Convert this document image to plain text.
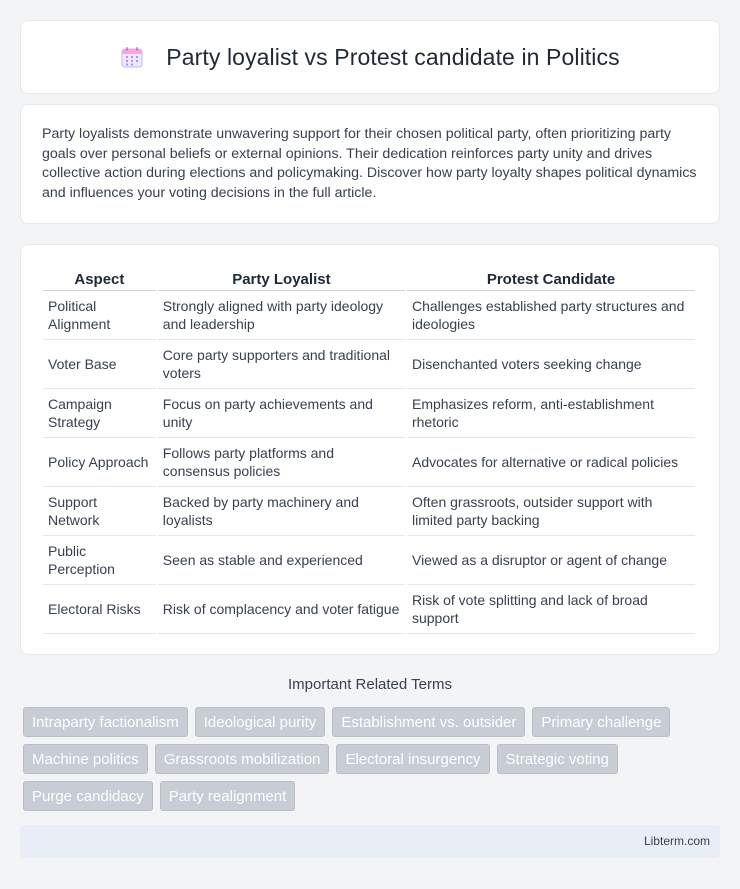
Party loyalist vs Protest candidate in Politics

Party loyalists demonstrate unwavering support for their chosen political party, often prioritizing party goals over personal beliefs or external opinions. Their dedication reinforces party unity and drives collective action during elections and policymaking. Discover how party loyalty shapes political dynamics and influences your voting decisions in the full article.

Aspect	Party Loyalist	Protest Candidate
Political Alignment	Strongly aligned with party ideology and leadership	Challenges established party structures and ideologies
Voter Base	Core party supporters and traditional voters	Disenchanted voters seeking change
Campaign Strategy	Focus on party achievements and unity	Emphasizes reform, anti-establishment rhetoric
Policy Approach	Follows party platforms and consensus policies	Advocates for alternative or radical policies
Support Network	Backed by party machinery and loyalists	Often grassroots, outsider support with limited party backing
Public Perception	Seen as stable and experienced	Viewed as a disruptor or agent of change
Electoral Risks	Risk of complacency and voter fatigue	Risk of vote splitting and lack of broad support
Important Related Terms
Intraparty factionalism	Ideological purity	Establishment vs. outsider	Primary challenge
Machine politics	Grassroots mobilization	Electoral insurgency	Strategic voting
Purge candidacy	Party realignment
Libterm.com
